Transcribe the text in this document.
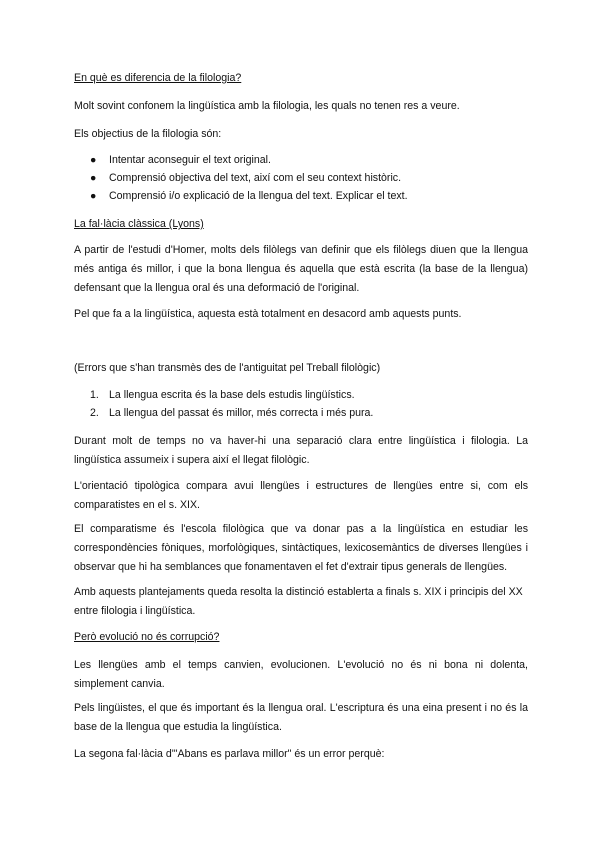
En què es diferencia de la filologia?

Molt sovint confonem la lingüística amb la filologia, les quals no tenen res a veure.

Els objectius de la filologia són:

● Intentar aconseguir el text original.
● Comprensió objectiva del text, així com el seu context històric.
● Comprensió i/o explicació de la llengua del text. Explicar el text.

La fal·làcia clàssica (Lyons)

A partir de l'estudi d'Homer, molts dels filòlegs van definir que els filòlegs diuen que la llengua més antiga és millor, i que la bona llengua és aquella que està escrita (la base de la llengua) defensant que la llengua oral és una deformació de l'original.

Pel que fa a la lingüística, aquesta està totalment en desacord amb aquests punts.

(Errors que s'han transmès des de l'antiguitat pel Treball filològic)

1. La llengua escrita és la base dels estudis lingüístics.
2. La llengua del passat és millor, més correcta i més pura.

Durant molt de temps no va haver-hi una separació clara entre lingüística i filologia. La lingüística assumeix i supera així el llegat filològic.

L'orientació tipològica compara avui llengües i estructures de llengües entre si, com els comparatistes en el s. XIX.

El comparatisme és l'escola filològica que va donar pas a la lingüística en estudiar les correspondències fòniques, morfològiques, sintàctiques, lexicosemàntics de diverses llengües i observar que hi ha semblances que fonamentaven el fet d'extrair tipus generals de llengües.

Amb aquests plantejaments queda resolta la distinció establerta a finals s. XIX i principis del XX entre filologia i lingüística.

Però evolució no és corrupció?

Les llengües amb el temps canvien, evolucionen. L'evolució no és ni bona ni dolenta, simplement canvia.

Pels lingüistes, el que és important és la llengua oral. L'escriptura és una eina present i no és la base de la llengua que estudia la lingüística.

La segona fal·làcia d'"Abans es parlava millor" és un error perquè:
